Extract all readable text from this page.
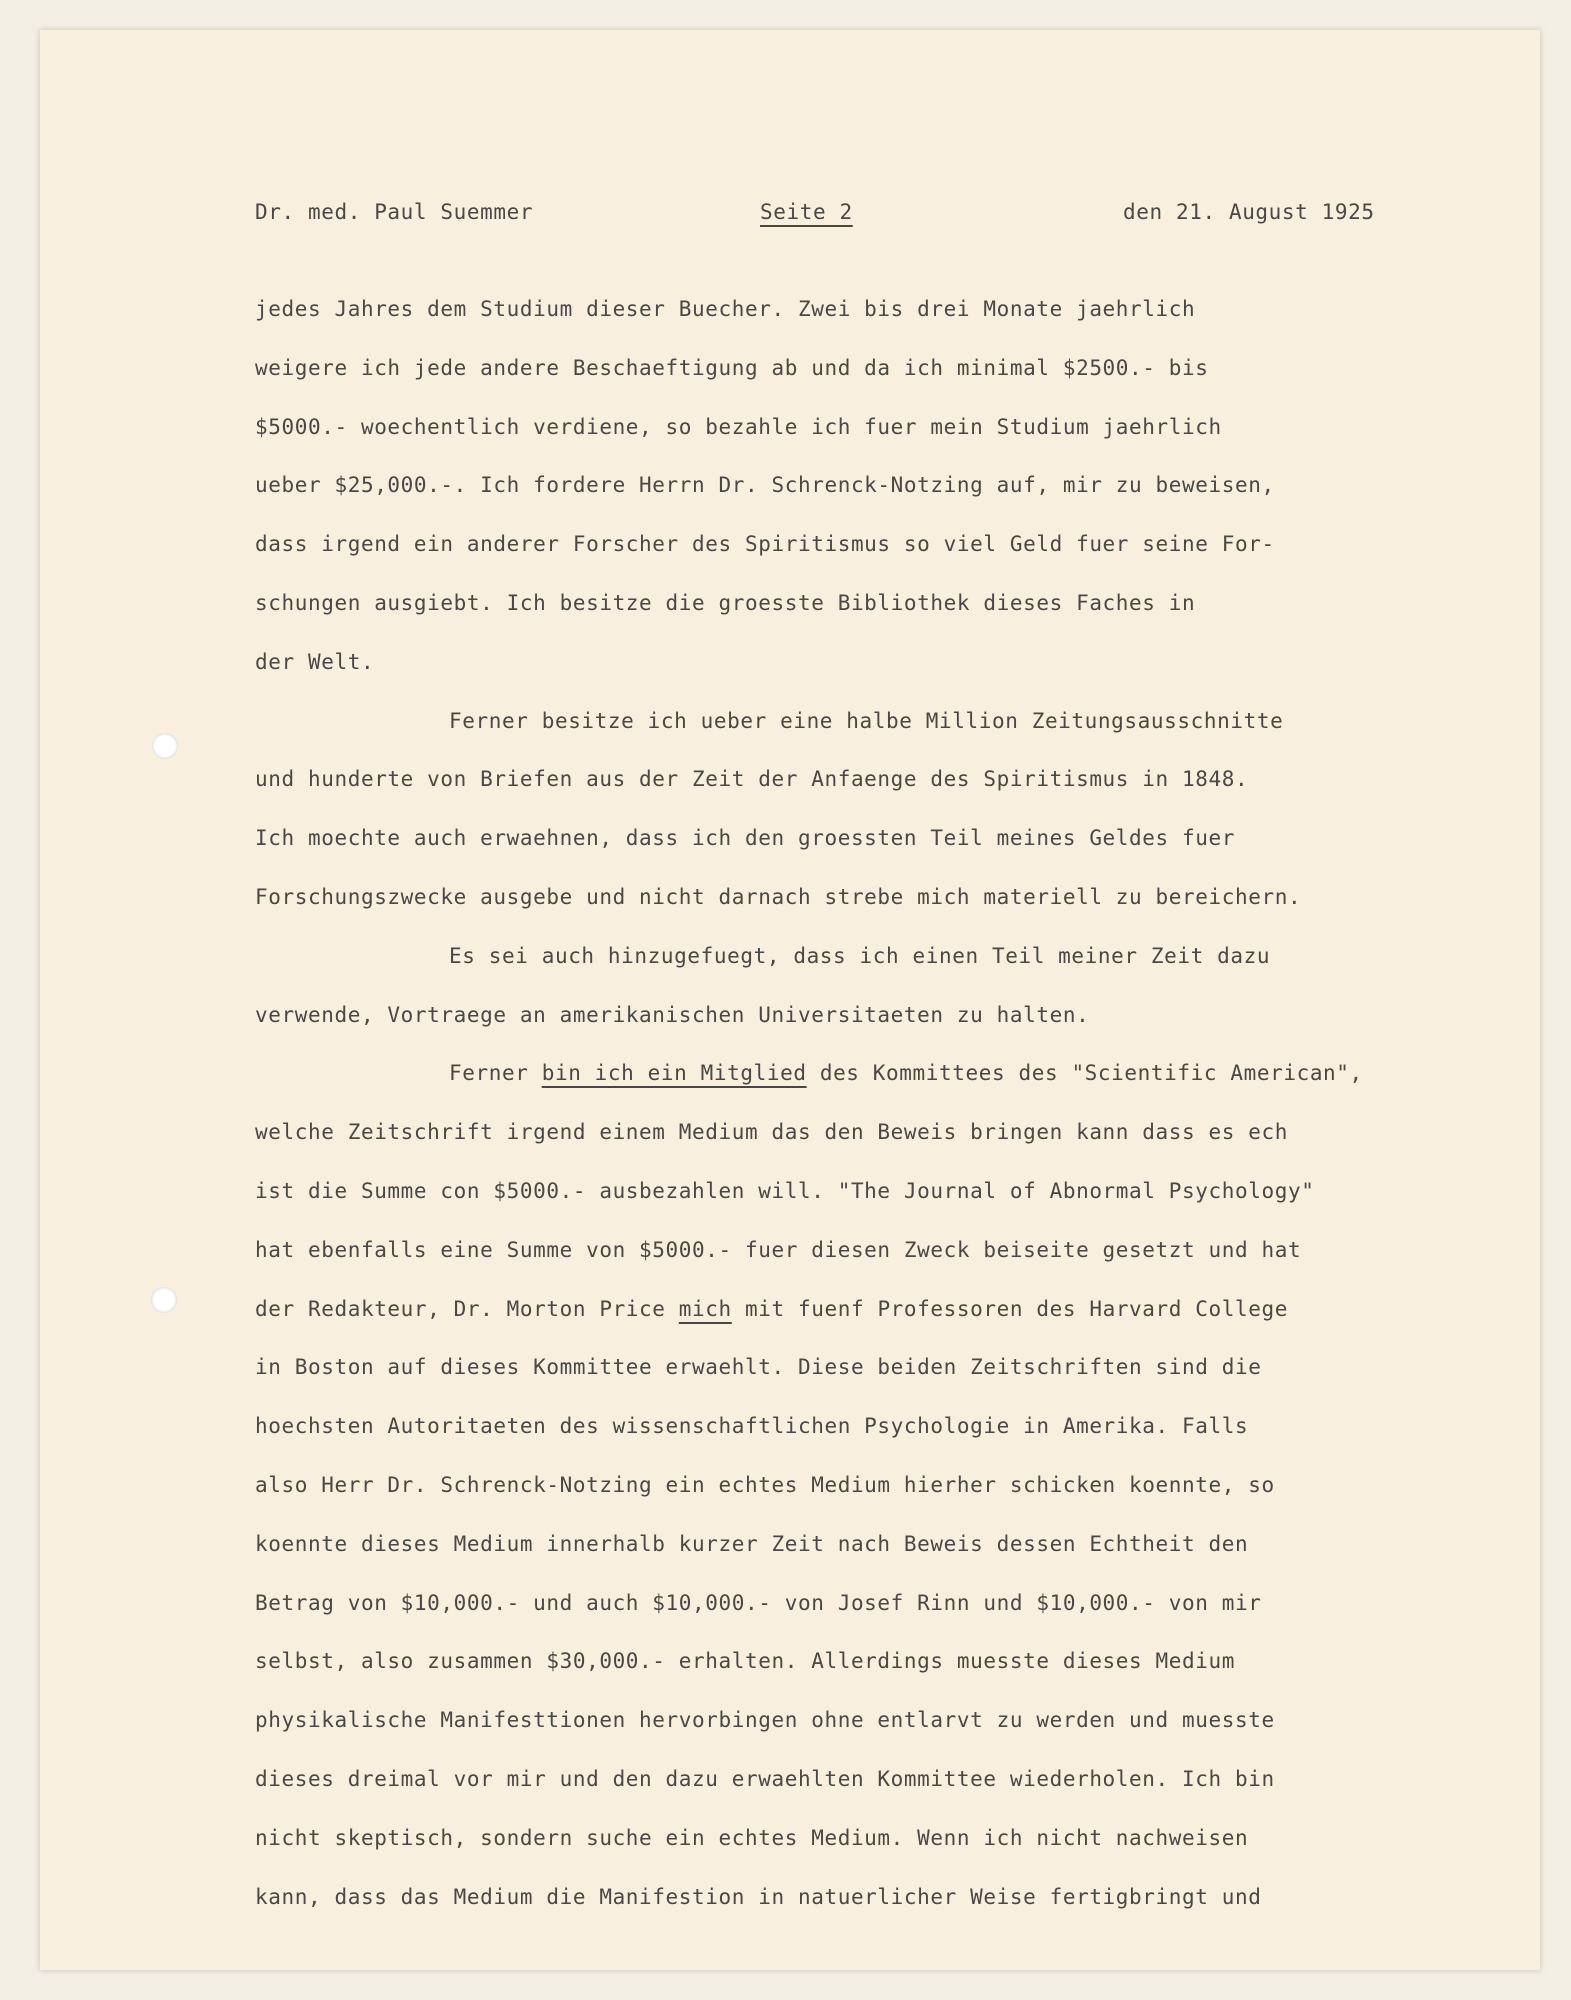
Dr. med. Paul Suemmer	Seite 2	den 21. August 1925
jedes Jahres dem Studium dieser Buecher. Zwei bis drei Monate jaehrlich
weigere ich jede andere Beschaeftigung ab und da ich minimal $2500.- bis
$5000.- woechentlich verdiene, so bezahle ich fuer mein Studium jaehrlich
ueber $25,000.-. Ich fordere Herrn Dr. Schrenck-Notzing auf, mir zu beweisen,
dass irgend ein anderer Forscher des Spiritismus so viel Geld fuer seine For-
schungen ausgiebt. Ich besitze die groesste Bibliothek dieses Faches in
der Welt.
Ferner besitze ich ueber eine halbe Million Zeitungsausschnitte
und hunderte von Briefen aus der Zeit der Anfaenge des Spiritismus in 1848.
Ich moechte auch erwaehnen, dass ich den groessten Teil meines Geldes fuer
Forschungszwecke ausgebe und nicht darnach strebe mich materiell zu bereichern.
Es sei auch hinzugefuegt, dass ich einen Teil meiner Zeit dazu
verwende, Vortraege an amerikanischen Universitaeten zu halten.
Ferner bin ich ein Mitglied des Kommittees des "Scientific American",
welche Zeitschrift irgend einem Medium das den Beweis bringen kann dass es ech
ist die Summe con $5000.- ausbezahlen will. "The Journal of Abnormal Psychology"
hat ebenfalls eine Summe von $5000.- fuer diesen Zweck beiseite gesetzt und hat
der Redakteur, Dr. Morton Price mich mit fuenf Professoren des Harvard College
in Boston auf dieses Kommittee erwaehlt. Diese beiden Zeitschriften sind die
hoechsten Autoritaeten des wissenschaftlichen Psychologie in Amerika. Falls
also Herr Dr. Schrenck-Notzing ein echtes Medium hierher schicken koennte, so
koennte dieses Medium innerhalb kurzer Zeit nach Beweis dessen Echtheit den
Betrag von $10,000.- und auch $10,000.- von Josef Rinn und $10,000.- von mir
selbst, also zusammen $30,000.- erhalten. Allerdings muesste dieses Medium
physikalische Manifesttionen hervorbingen ohne entlarvt zu werden und muesste
dieses dreimal vor mir und den dazu erwaehlten Kommittee wiederholen. Ich bin
nicht skeptisch, sondern suche ein echtes Medium. Wenn ich nicht nachweisen
kann, dass das Medium die Manifestion in natuerlicher Weise fertigbringt und
